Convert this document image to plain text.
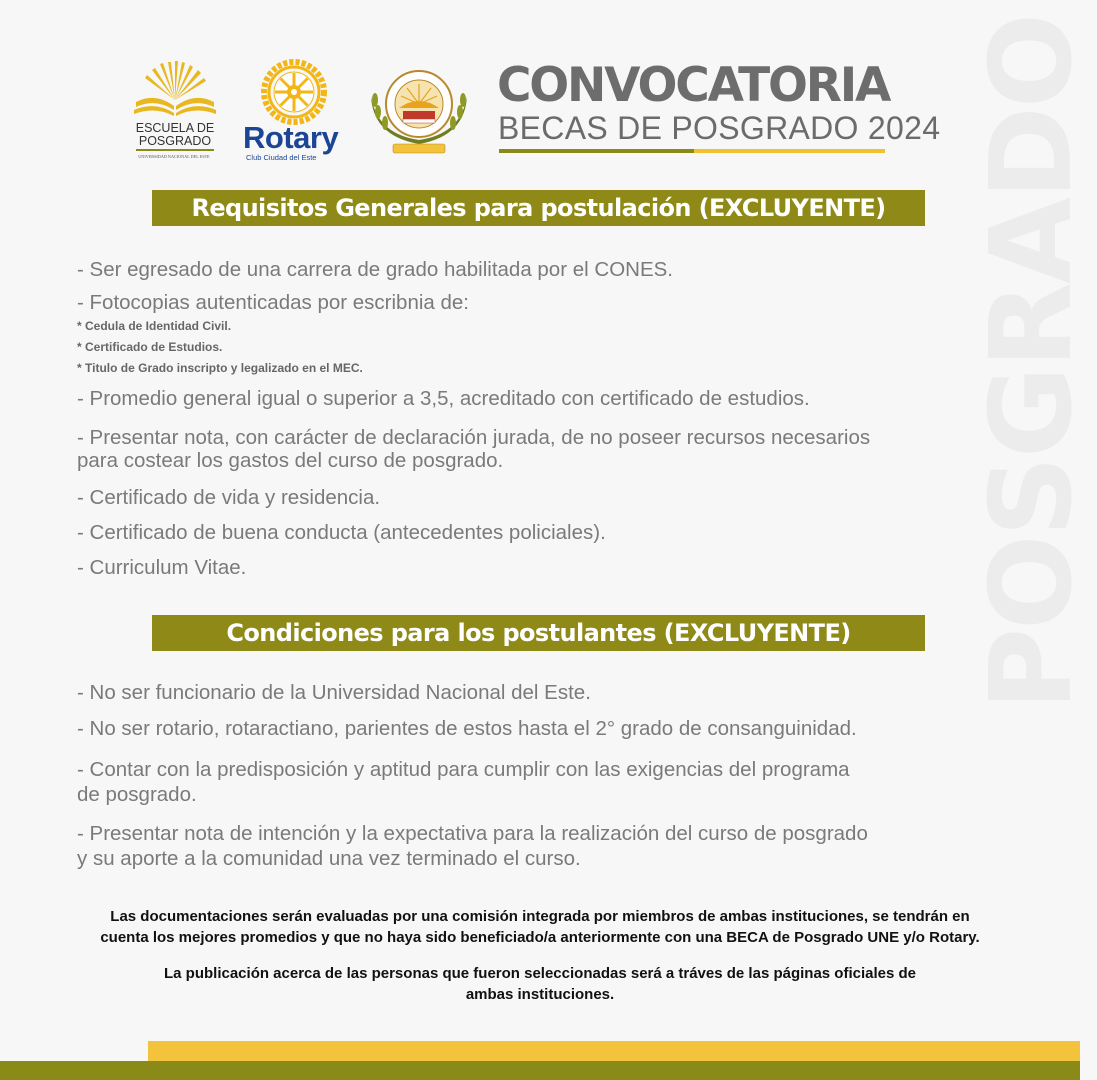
POSGRADO
ESCUELA DE
POSGRADO
UNIVERSIDAD NACIONAL DEL ESTE
Rotary
Club Ciudad del Este
CONVOCATORIA
BECAS DE POSGRADO 2024
Requisitos Generales para postulación (EXCLUYENTE)
- Ser egresado de una carrera de grado habilitada por el CONES.
- Fotocopias autenticadas por escribnia de:
* Cedula de Identidad Civil.
* Certificado de Estudios.
* Titulo de Grado inscripto y legalizado en el MEC.
- Promedio general igual o superior a 3,5, acreditado con certificado de estudios.
- Presentar nota, con carácter de declaración jurada, de no poseer recursos necesarios
para costear los gastos del curso de posgrado.
- Certificado de vida y residencia.
- Certificado de buena conducta (antecedentes policiales).
- Curriculum Vitae.
Condiciones para los postulantes (EXCLUYENTE)
- No ser funcionario de la Universidad Nacional del Este.
- No ser rotario, rotaractiano, parientes de estos hasta el 2° grado de consanguinidad.
- Contar con la predisposición y aptitud para cumplir con las exigencias del programa
de posgrado.
- Presentar nota de intención y la expectativa para la realización del curso de posgrado
y su aporte a la comunidad una vez terminado el curso.
Las documentaciones serán evaluadas por una comisión integrada por miembros de ambas instituciones, se tendrán en
cuenta los mejores promedios y que no haya sido beneficiado/a anteriormente con una BECA de Posgrado UNE y/o Rotary.
La publicación acerca de las personas que fueron seleccionadas será a tráves de las páginas oficiales de
ambas instituciones.
